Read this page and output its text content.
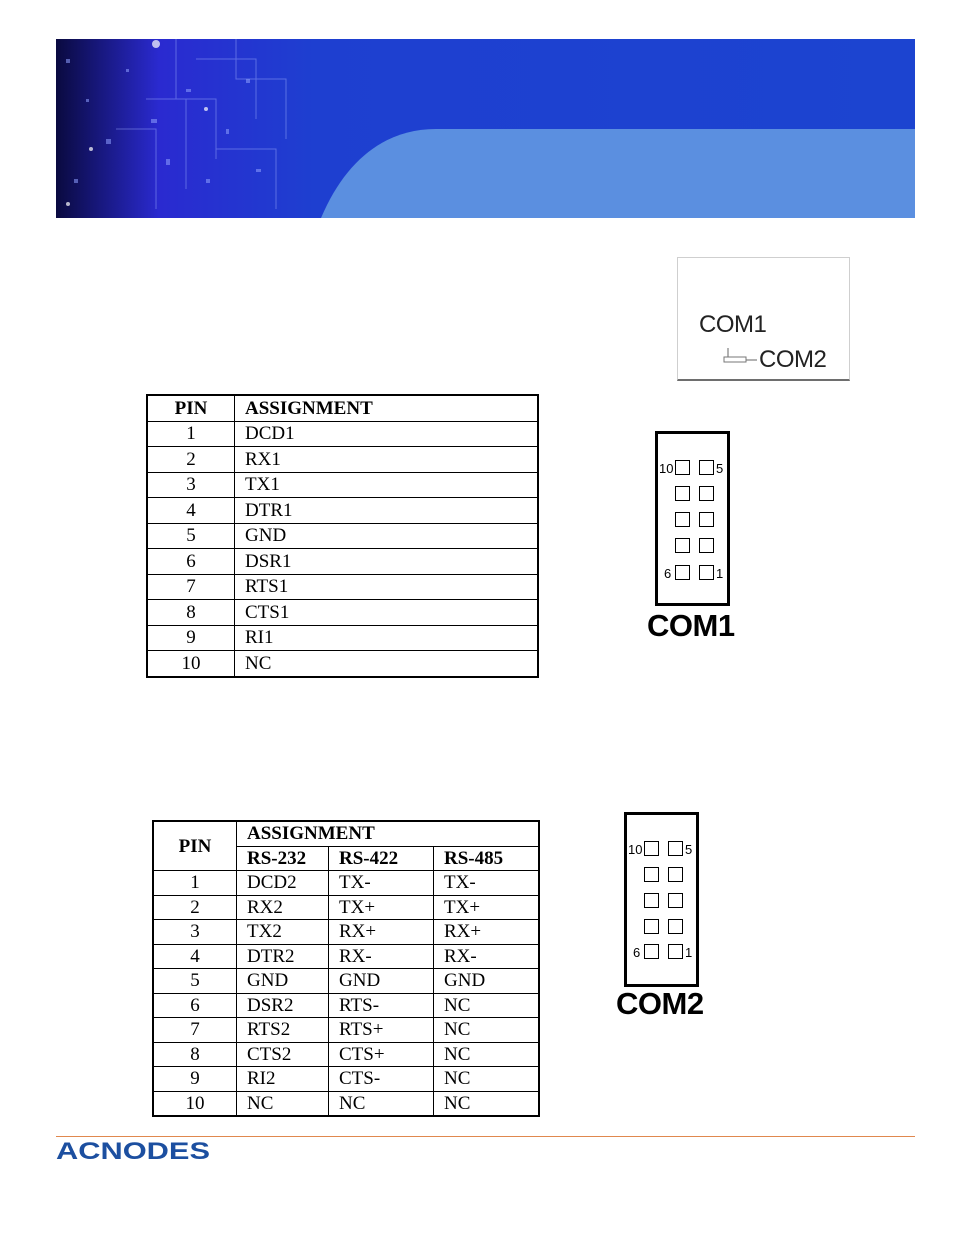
COM1
COM2
PIN	ASSIGNMENT
1	DCD1
2	RX1
3	TX1
4	DTR1
5	GND
6	DSR1
7	RTS1
8	CTS1
9	RI1
10	NC
10	5
6	1
COM1
PIN	ASSIGNMENT		
	RS-232	RS-422	RS-485
1	DCD2	TX-	TX-
2	RX2	TX+	TX+
3	TX2	RX+	RX+
4	DTR2	RX-	RX-
5	GND	GND	GND
6	DSR2	RTS-	NC
7	RTS2	RTS+	NC
8	CTS2	CTS+	NC
9	RI2	CTS-	NC
10	NC	NC	NC
10	5
6	1
COM2
ACNODES
